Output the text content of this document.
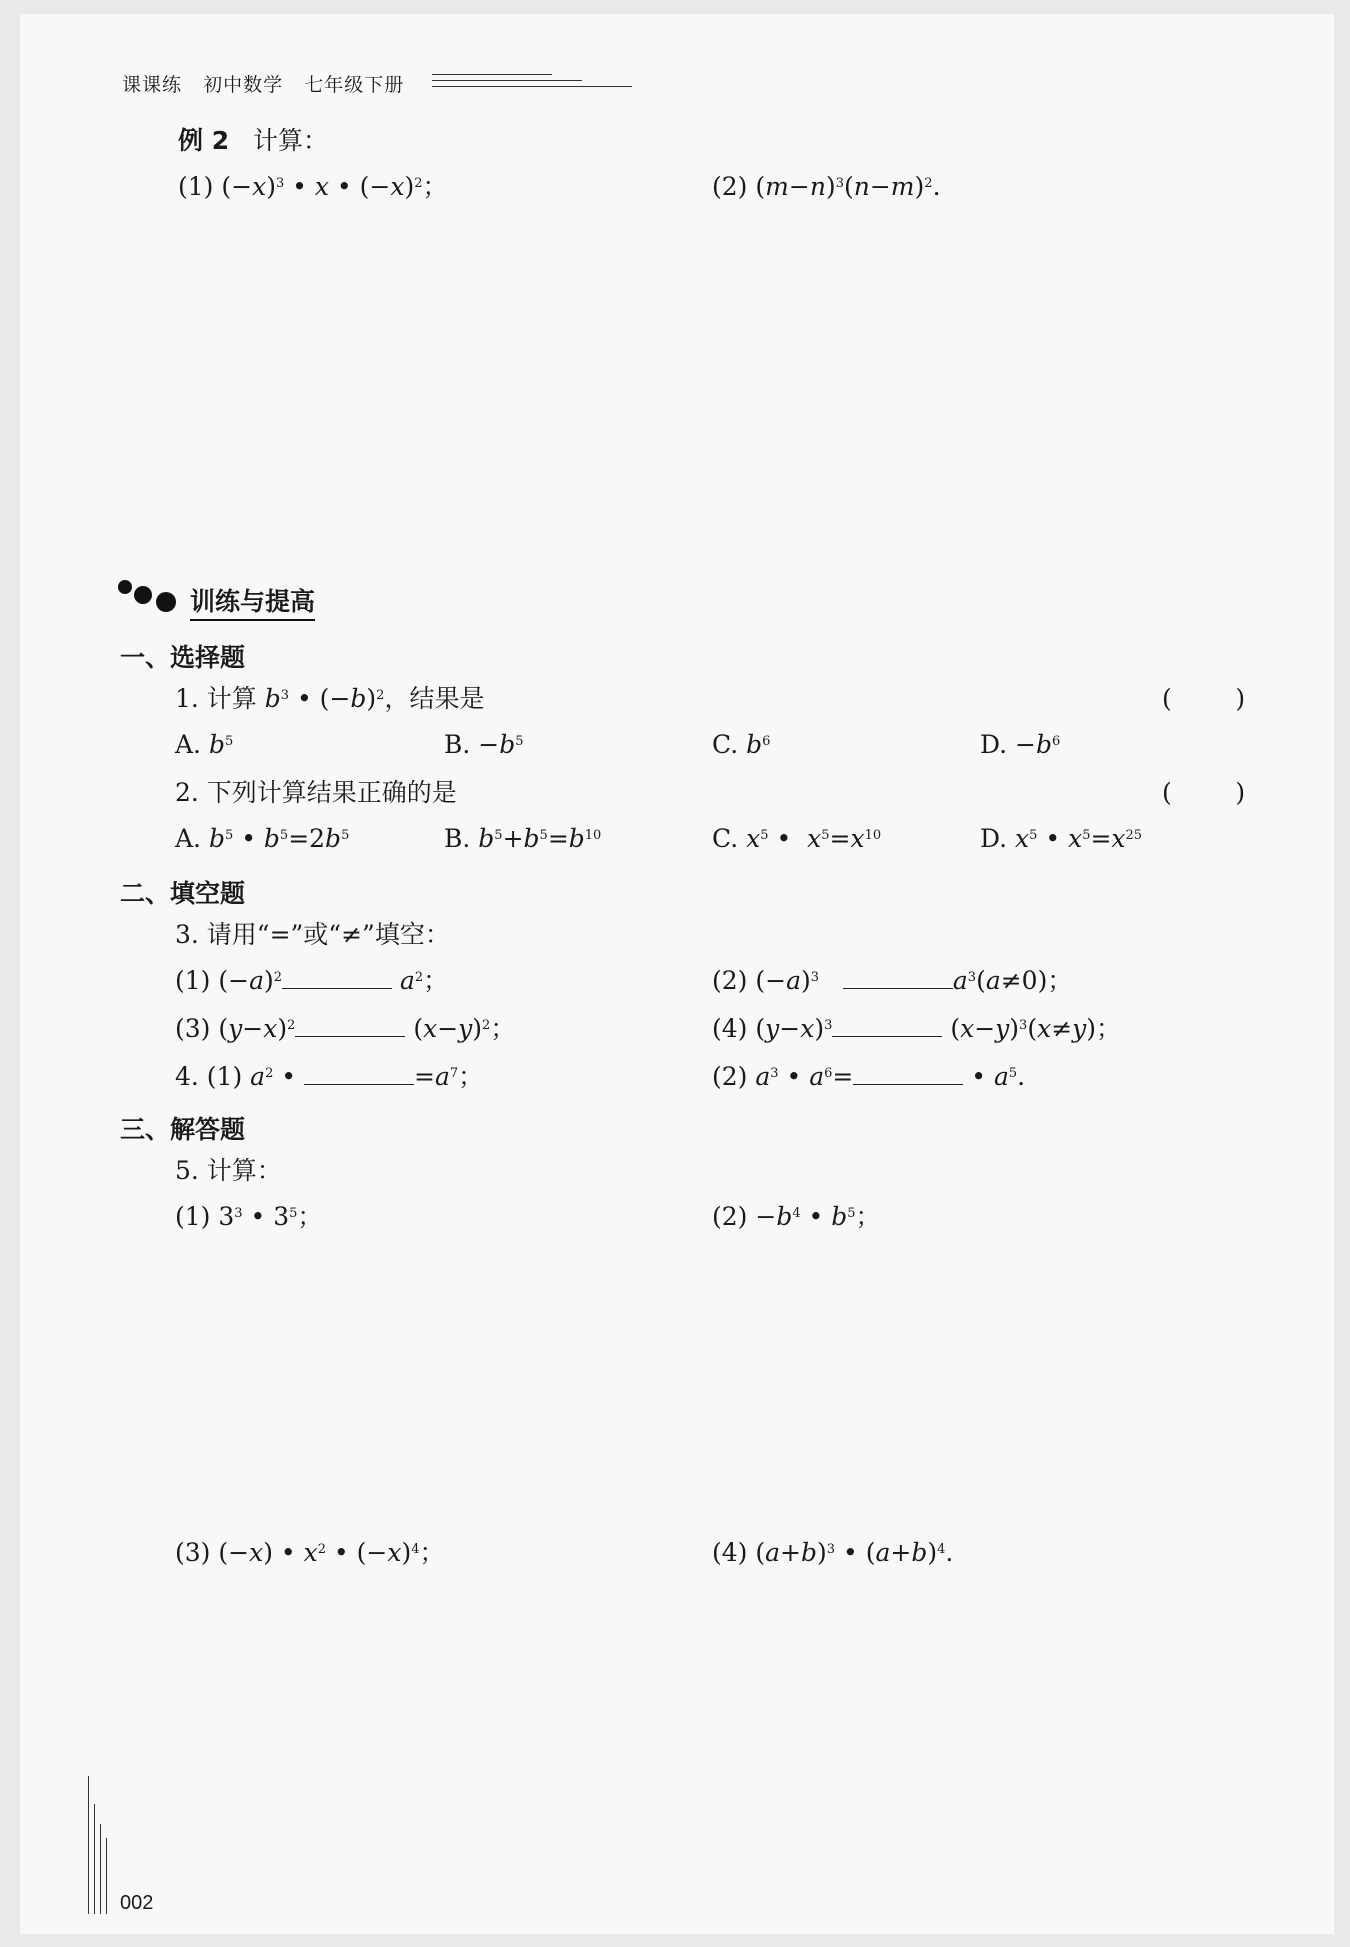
课课练 初中数学 七年级下册
例 2 计算：
(1) $(-x)^3$ • x • $(-x)^2$；	(2) $(m-n)^3(n-m)^2$.
训练与提高
一、选择题
1. 计算 $b^3$ • $(-b)^2$，结果是	(        )
A. $b^5$	B. $-b^5$	C. $b^6$	D. $-b^6$
2. 下列计算结果正确的是	(        )
A. $b^5$ • $b^5=2b^5$	B. $b^5+b^5=b^{10}$	C. $x^5$ •  $x^5=x^{10}$	D. $x^5$ • $x^5=x^{25}$
二、填空题
3. 请用“=”或“≠”填空：
(1) $(-a)^2$	$a^2$；	(2) $(-a)^3$	$a^3(a\ne 0)$；
(3) $(y-x)^2$	$(x-y)^2$；	(4) $(y-x)^3$	$(x-y)^3(x\ne y)$；
4. (1) $a^2$ •	$=a^7$；	(2) $a^3$ • $a^6=$	• $a^5$.
三、解答题
5. 计算：
(1) $3^3$ • $3^5$；	$(2) -b^4$ • $b^5$；
(3) (−x) • $x^2$ • $(-x)^4$；	(4) $(a+b)^3$ • $(a+b)^4$.
002
